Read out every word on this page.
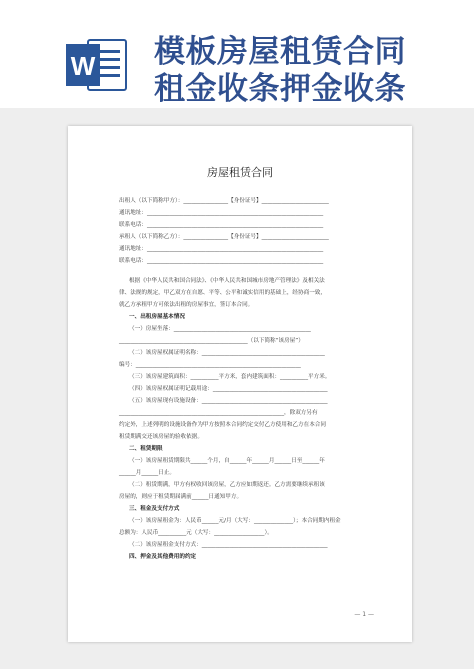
W 模板房屋租赁合同
租金收条押金收条
房屋租赁合同
出租人（以下简称甲方）：________________【身份证号】________________________
通讯地址：_______________________________________________________________
联系电话：_______________________________________________________________
承租人（以下简称乙方）：________________【身份证号】________________________
通讯地址：_______________________________________________________________
联系电话：_______________________________________________________________
根据《中华人民共和国合同法》、《中华人民共和国城市房地产管理法》及相关法
律、法规的规定，甲乙双方在自愿、平等、公平和诚实信用的基础上，经协商一致，
就乙方承租甲方可依法出租的房屋事宜，签订本合同。
一、出租房屋基本情况
（一）房屋坐落：_________________________________________________
______________________________________________（以下简称“该房屋”）
（二）该房屋权属证明名称：____________________________________________
编号：___________________________________________________________
（三）该房屋建筑面积：__________平方米，套内建筑面积：__________平方米。
（四）该房屋权属证明记载用途：_________________________________________
（五）该房屋现有设施设备：_____________________________________________
___________________________________________________________，除双方另有
约定外，上述列明的设施设备作为甲方按照本合同约定交付乙方使用和乙方在本合同
租赁期满交还该房屋的验收依据。
二、租赁期限
（一）该房屋租赁期限共______个月，自______年______月______日至______年
______月______日止。
（二）租赁期满，甲方有权收回该房屋，乙方应如期返还。乙方需要继续承租该
房屋的，则应于租赁期届满前______日通知甲方。
三、租金及支付方式
（一）该房屋租金为：人民币______元/月（大写：______________）；本合同期内租金
总额为：人民币__________元（大写：__________________）。
（二）该房屋租金支付方式：_____________________________________________
四、押金及其他费用的约定
— 1 —
